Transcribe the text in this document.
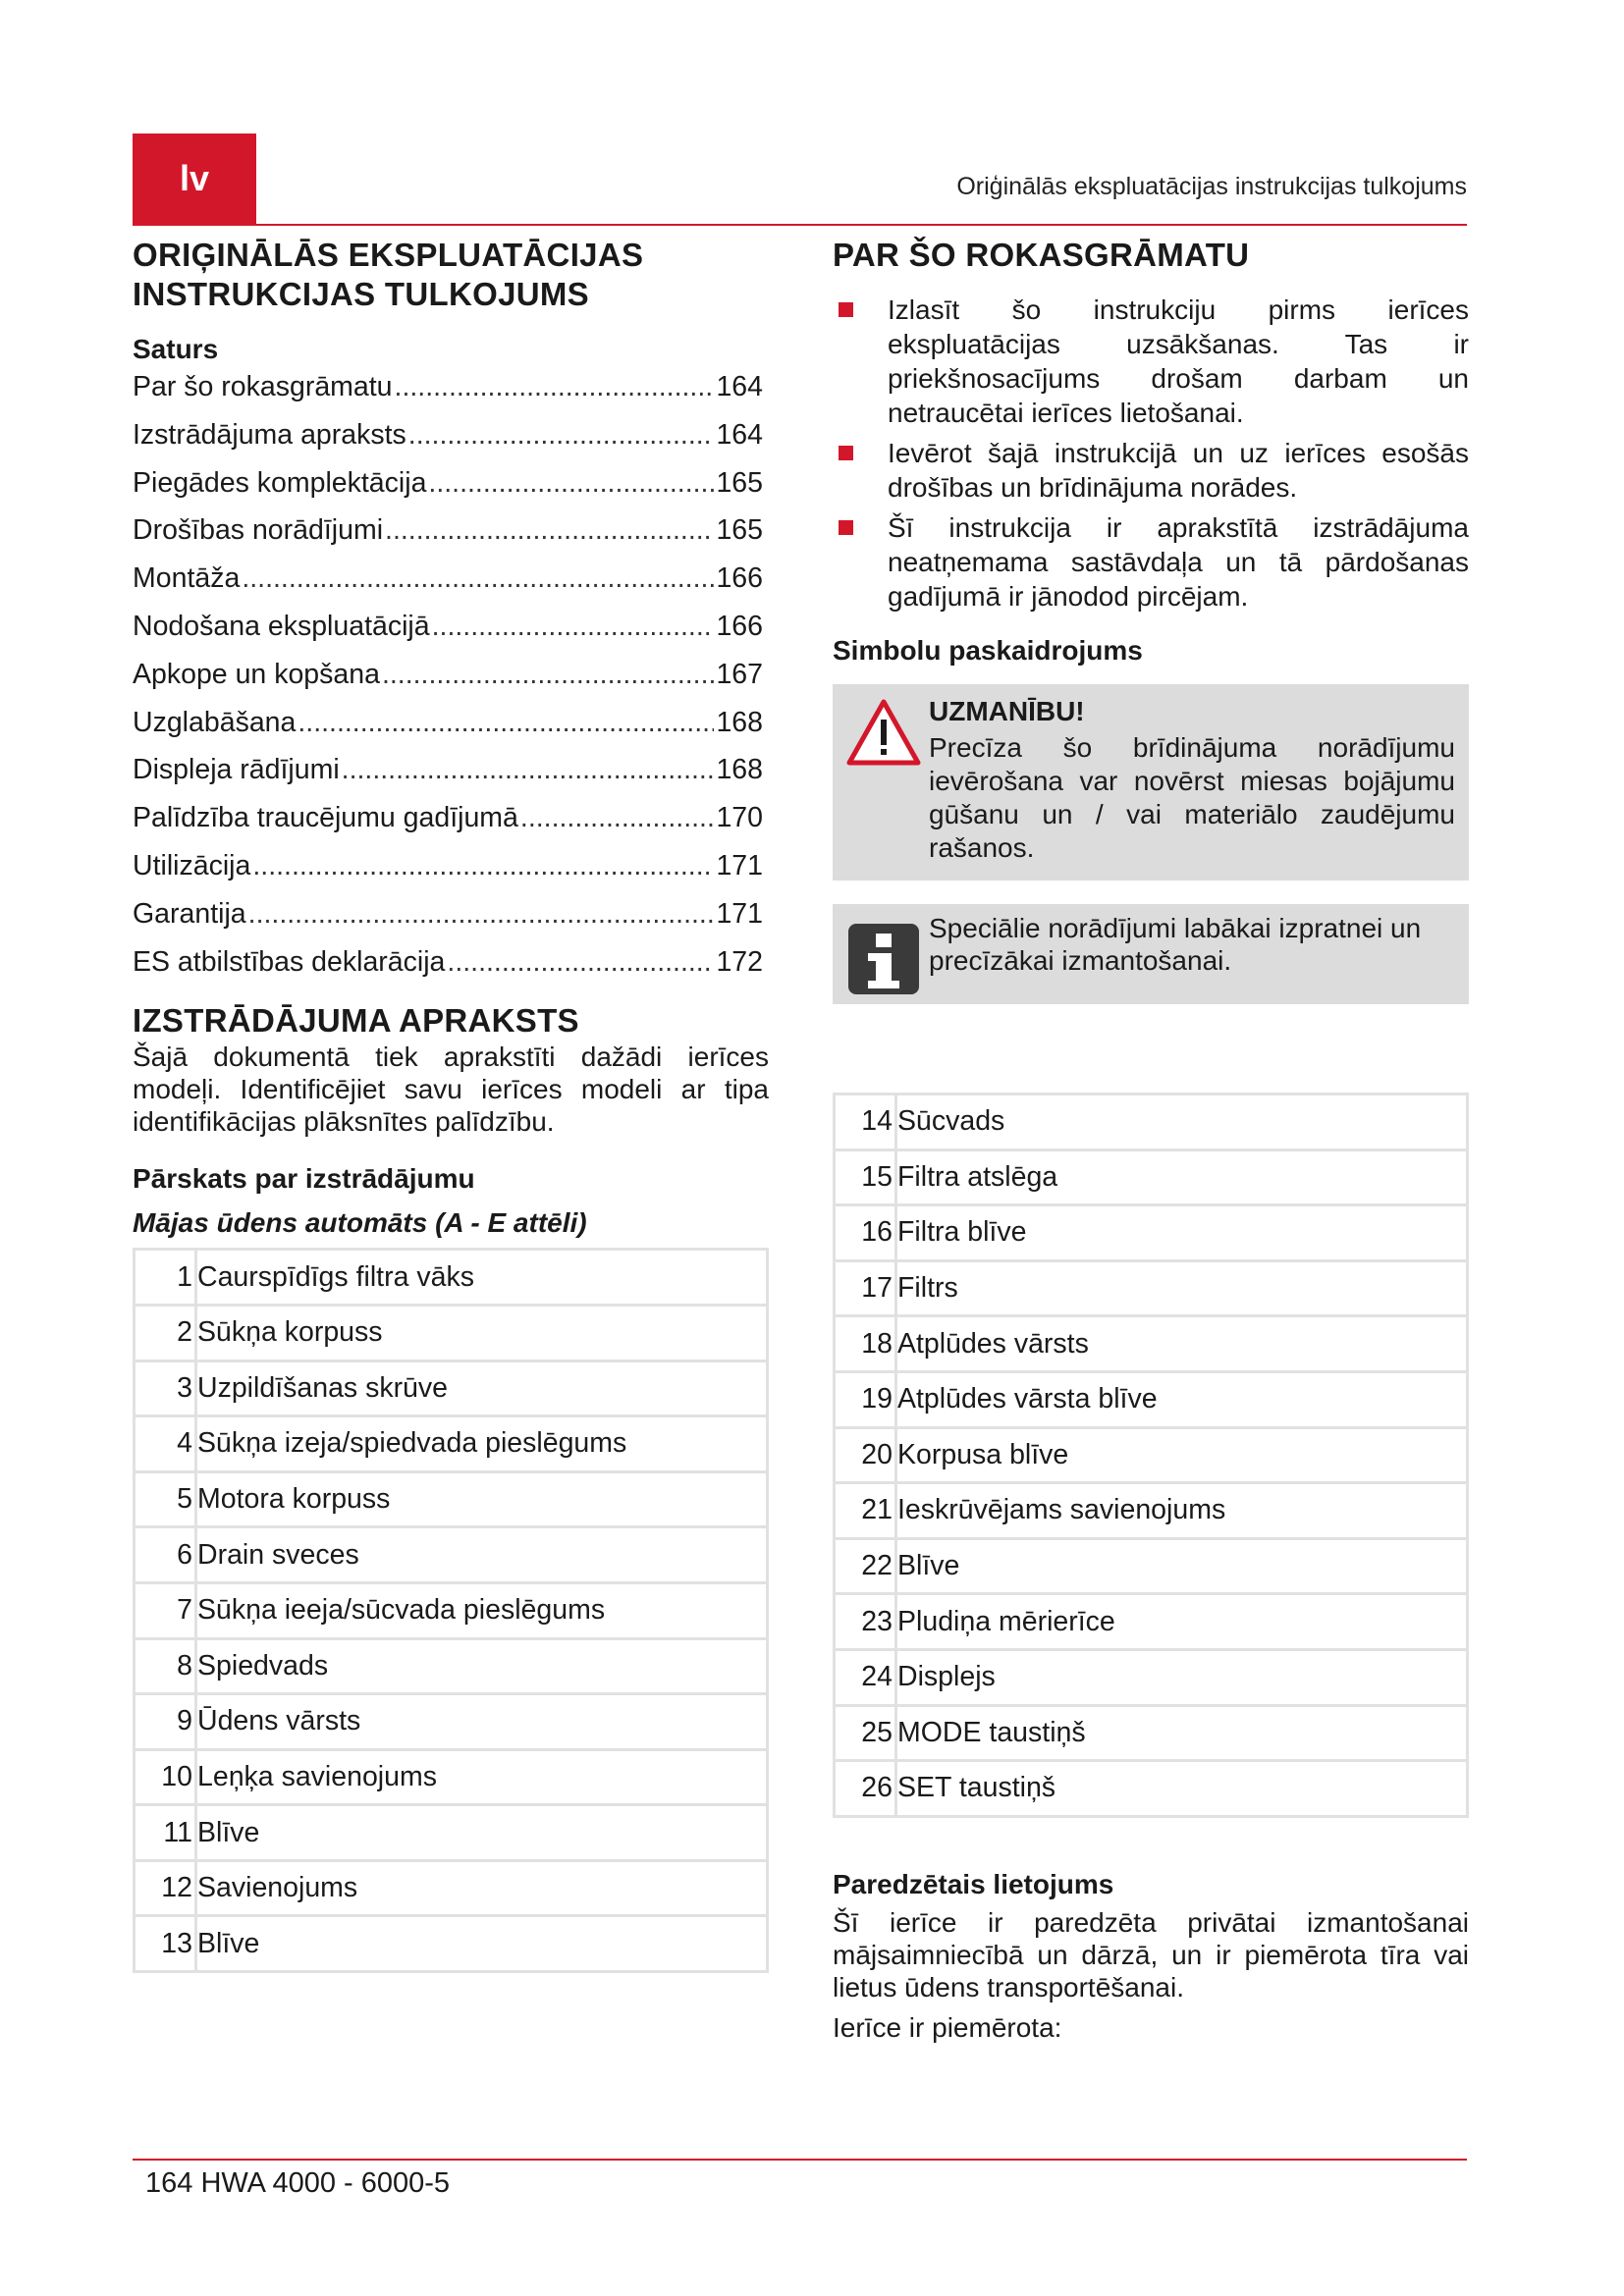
lv	Oriģinālās ekspluatācijas instrukcijas tulkojums
ORIĢINĀLĀS EKSPLUATĀCIJAS
INSTRUKCIJAS TULKOJUMS
Saturs
Par šo rokasgrāmatu .....	164
Izstrādājuma apraksts .....	164
Piegādes komplektācija .....	165
Drošības norādījumi .....	165
Montāža .....	166
Nodošana ekspluatācijā .....	166
Apkope un kopšana .....	167
Uzglabāšana .....	168
Displeja rādījumi .....	168
Palīdzība traucējumu gadījumā .....	170
Utilizācija .....	171
Garantija .....	171
ES atbilstības deklarācija .....	172
IZSTRĀDĀJUMA APRAKSTS

Šajā dokumentā tiek aprakstīti dažādi ierīces modeļi. Identificējiet savu ierīces modeli ar tipa identifikācijas plāksnītes palīdzību.

Pārskats par izstrādājumu
Mājas ūdens automāts (A - E attēli)
1	Caurspīdīgs filtra vāks
2	Sūkņa korpuss
3	Uzpildīšanas skrūve
4	Sūkņa izeja/spiedvada pieslēgums
5	Motora korpuss
6	Drain sveces
7	Sūkņa ieeja/sūcvada pieslēgums
8	Spiedvads
9	Ūdens vārsts
10	Leņķa savienojums
11	Blīve
12	Savienojums
13	Blīve
PAR ŠO ROKASGRĀMATU
Izlasīt šo instrukciju pirms ierīces ekspluatācijas uzsākšanas. Tas ir priekšnosacījums drošam darbam un netraucētai ierīces lietošanai.
Ievērot šajā instrukcijā un uz ierīces esošās drošības un brīdinājuma norādes.
Šī instrukcija ir aprakstītā izstrādājuma neatņemama sastāvdaļa un tā pārdošanas gadījumā ir jānodod pircējam.
Simbolu paskaidrojums
UZMANĪBU!

Precīza šo brīdinājuma norādījumu ievērošana var novērst miesas bojājumu gūšanu un / vai materiālo zaudējumu rašanos.

Speciālie norādījumi labākai izpratnei un precīzākai izmantošanai.

14	Sūcvads
15	Filtra atslēga
16	Filtra blīve
17	Filtrs
18	Atplūdes vārsts
19	Atplūdes vārsta blīve
20	Korpusa blīve
21	Ieskrūvējams savienojums
22	Blīve
23	Pludiņa mērierīce
24	Displejs
25	MODE taustiņš
26	SET taustiņš
Paredzētais lietojums

Šī ierīce ir paredzēta privātai izmantošanai mājsaimniecībā un dārzā, un ir piemērota tīra vai lietus ūdens transportēšanai.

Ierīce ir piemērota:

164 HWA 4000 - 6000-5
